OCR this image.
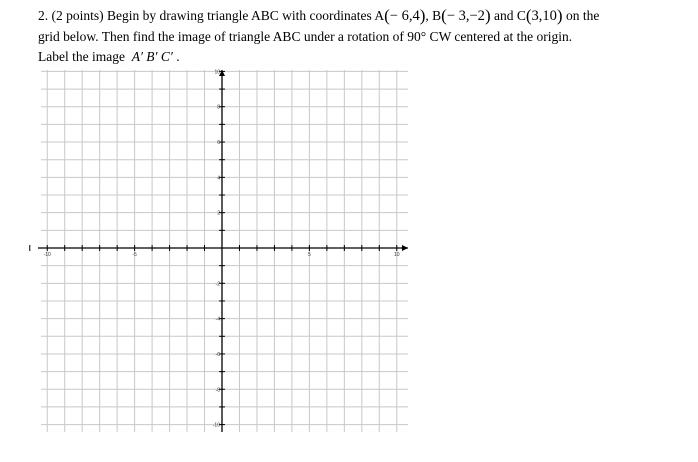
2. (2 points) Begin by drawing triangle ABC with coordinates A(− 6,4), B(− 3,−2) and C(3,10) on the
grid below. Then find the image of triangle ABC under a rotation of 90° CW centered at the origin.
Label the image A′ B′ C′ .
-10	-5	5	10
10
8
6
4
2
-2
-4
-6
-8
-10
